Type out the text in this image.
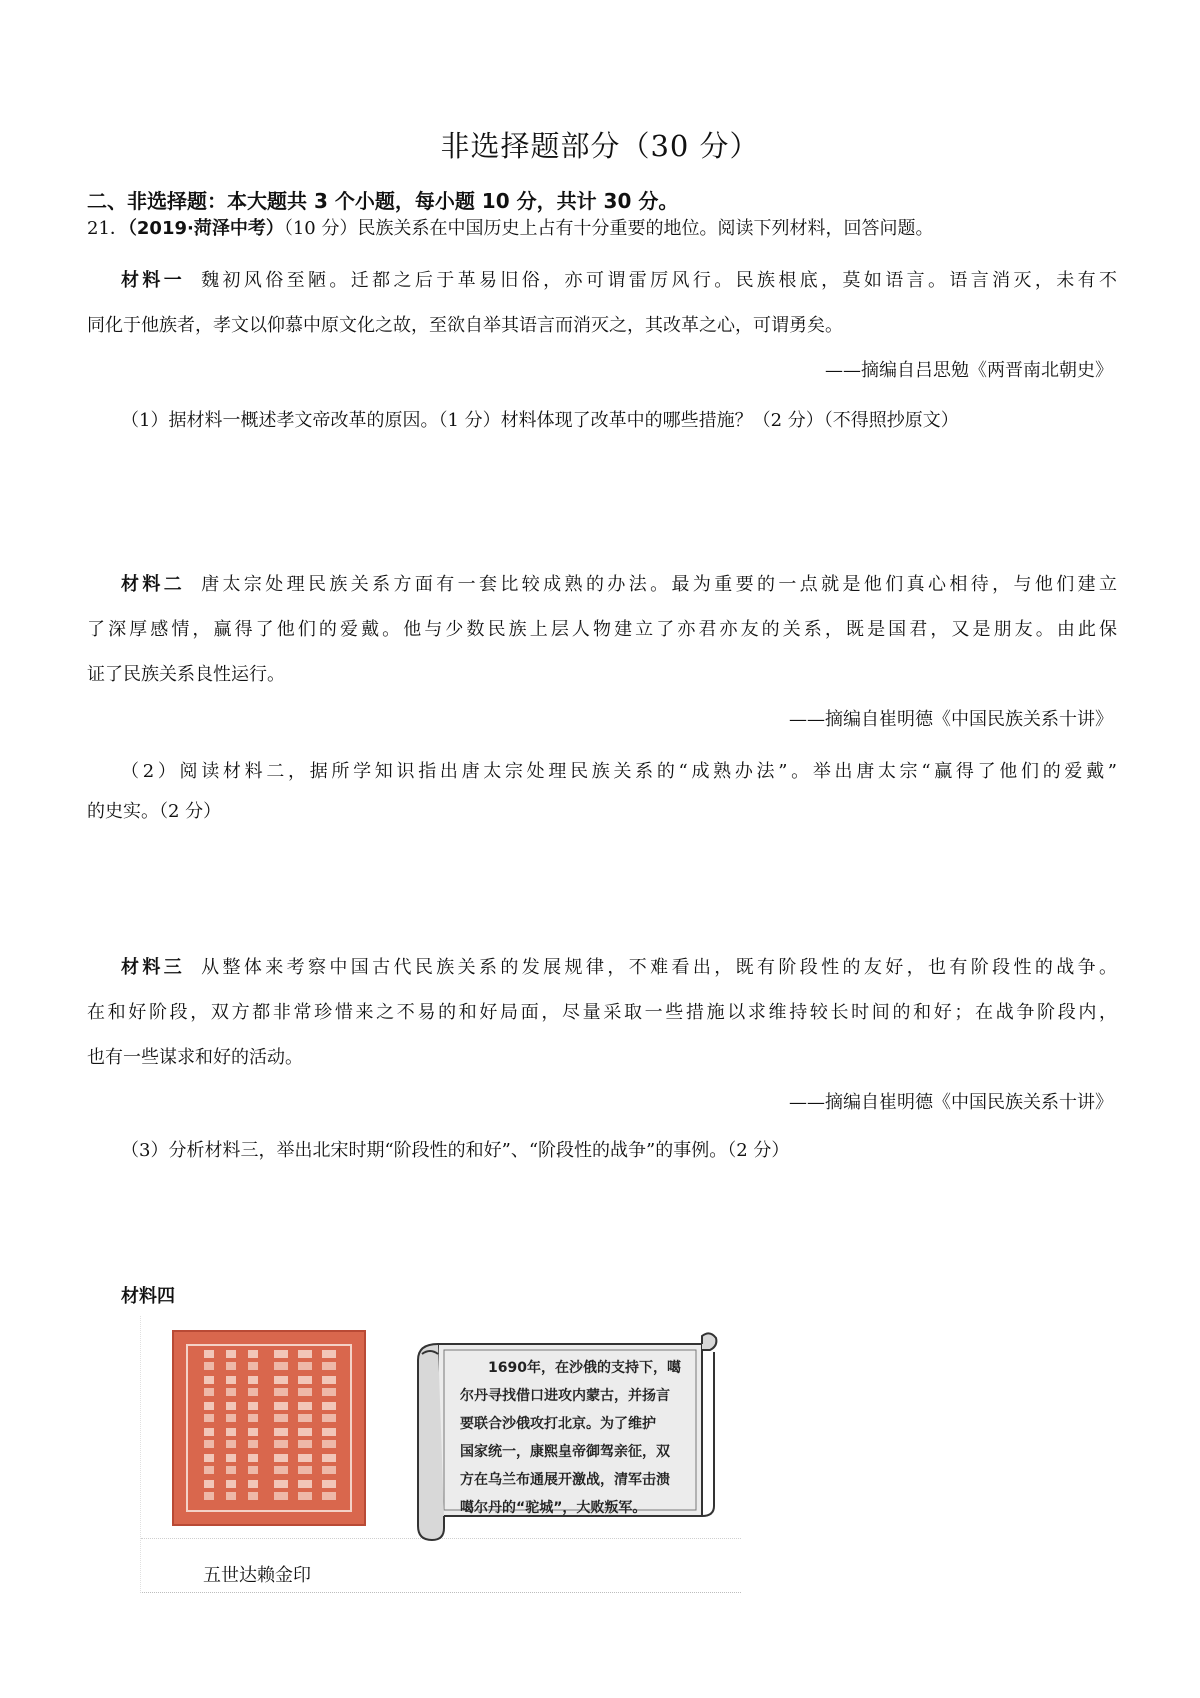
非选择题部分（30 分）
二、非选择题：本大题共 3 个小题，每小题 10 分，共计 30 分。
21．（2019·菏泽中考）（10 分）民族关系在中国历史上占有十分重要的地位。阅读下列材料，回答问题。
材料一 魏初风俗至陋。迁都之后于革易旧俗，亦可谓雷厉风行。民族根底，莫如语言。语言消灭，未有不
同化于他族者，孝文以仰慕中原文化之故，至欲自举其语言而消灭之，其改革之心，可谓勇矣。
——摘编自吕思勉《两晋南北朝史》
（1）据材料一概述孝文帝改革的原因。（1 分）材料体现了改革中的哪些措施？（2 分）（不得照抄原文）
材料二 唐太宗处理民族关系方面有一套比较成熟的办法。最为重要的一点就是他们真心相待，与他们建立
了深厚感情，赢得了他们的爱戴。他与少数民族上层人物建立了亦君亦友的关系，既是国君，又是朋友。由此保
证了民族关系良性运行。
——摘编自崔明德《中国民族关系十讲》
（2）阅读材料二，据所学知识指出唐太宗处理民族关系的“成熟办法”。举出唐太宗“赢得了他们的爱戴”
的史实。（2 分）
材料三 从整体来考察中国古代民族关系的发展规律，不难看出，既有阶段性的友好，也有阶段性的战争。
在和好阶段，双方都非常珍惜来之不易的和好局面，尽量采取一些措施以求维持较长时间的和好；在战争阶段内，
也有一些谋求和好的活动。
——摘编自崔明德《中国民族关系十讲》
（3）分析材料三，举出北宋时期“阶段性的和好”、“阶段性的战争”的事例。（2 分）
材料四
五世达赖金印
1690年，在沙俄的支持下，噶
尔丹寻找借口进攻内蒙古，并扬言
要联合沙俄攻打北京。为了维护
国家统一，康熙皇帝御驾亲征，双
方在乌兰布通展开激战，清军击溃
噶尔丹的“驼城”，大败叛军。
